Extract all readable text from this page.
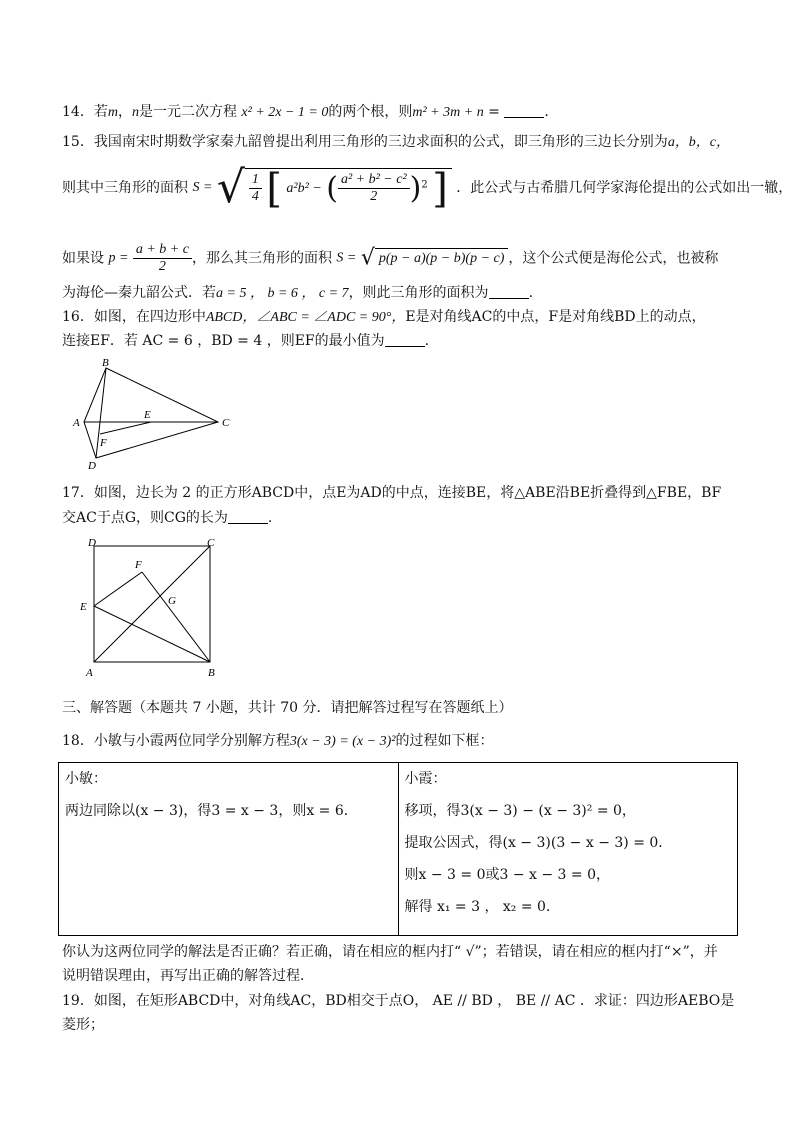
14．若m，n是一元二次方程 x² + 2x − 1 = 0的两个根，则m² + 3m + n =	.
15．我国南宋时期数学家秦九韶曾提出利用三角形的三边求面积的公式，即三角形的三边长分别为a，b，c，
则其中三角形的面积 S = √ $\frac{1}{4}$ [ a²b² − ( $\frac{\text{a² + b² − c²}}{2} )^2$ ] ．此公式与古希腊几何学家海伦提出的公式如出一辙，
如果设 $p = \frac{a + b + c}{2}$ ，那么其三角形的面积 S = √ p(p − a)(p − b)(p − c) ，这个公式便是海伦公式，也被称
为海伦—秦九韶公式．若a = 5 ， b = 6 ， c = 7，则此三角形的面积为	.
16．如图，在四边形中ABCD，∠ABC = ∠ADC = 90°，E是对角线AC的中点，F是对角线BD上的动点，
连接EF．若 AC = 6 ，BD = 4 ，则EF的最小值为	.
B
A	C
D
E
F
17．如图，边长为 2 的正方形ABCD中，点E为AD的中点，连接BE，将△ABE沿BE折叠得到△FBE，BF
交AC于点G，则CG的长为	.
D	C
F
E	G
A	B
三、解答题（本题共 7 小题，共计 70 分．请把解答过程写在答题纸上）
18．小敏与小霞两位同学分别解方程3(x − 3) = (x − 3)²的过程如下框：
小敏：
两边同除以(x − 3)，得3 = x − 3，则x = 6．

小霞：
移项，得3(x − 3) − (x − 3)² = 0，
提取公因式，得(x − 3)(3 − x − 3) = 0．
则x − 3 = 0或3 − x − 3 = 0，
解得 x₁ = 3 ， x₂ = 0．
你认为这两位同学的解法是否正确？若正确，请在相应的框内打“ √”；若错误，请在相应的框内打“×”，并
说明错误理由，再写出正确的解答过程．
19．如图，在矩形ABCD中，对角线AC，BD相交于点O， AE // BD ， BE // AC ．求证：四边形AEBO是
菱形；
